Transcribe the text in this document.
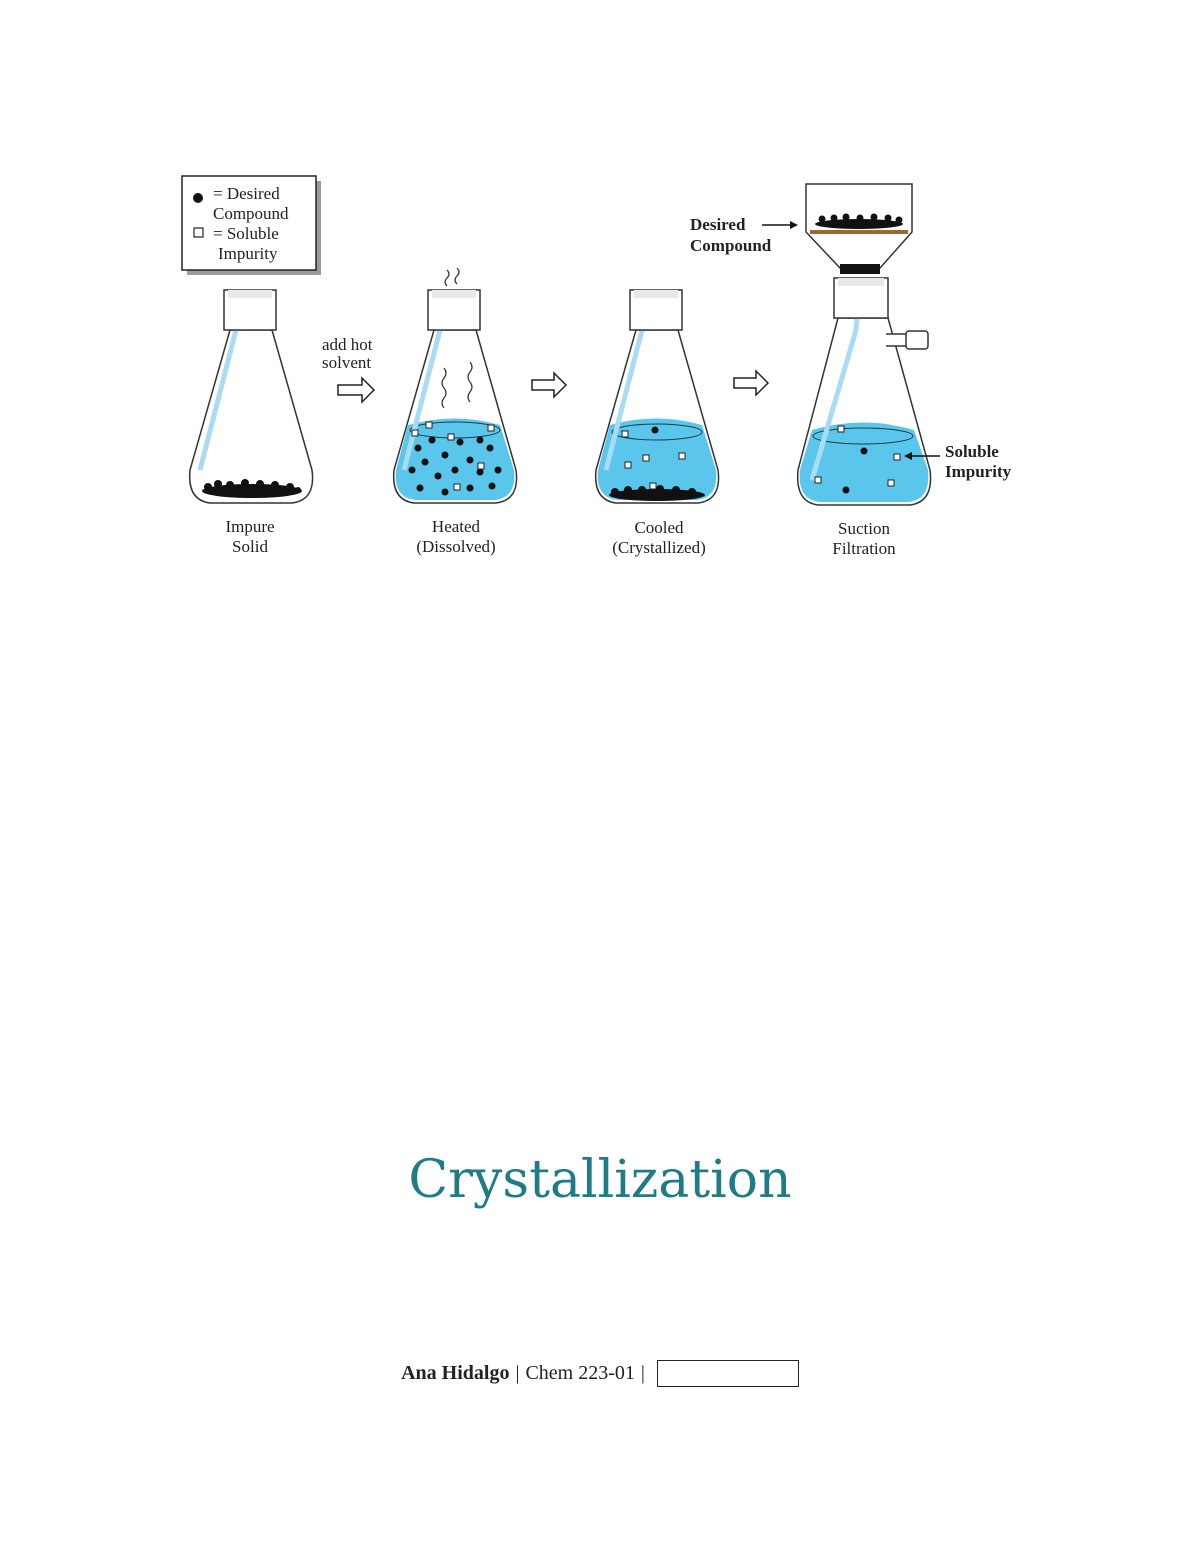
= Desired
Compound
= Soluble
Impurity
Impure
Solid
add hot
solvent
Heated
(Dissolved)
Cooled
(Crystallized)
Suction
Filtration
Desired
Compound
Soluble
Impurity
Crystallization
Ana Hidalgo | Chem 223-01 |
